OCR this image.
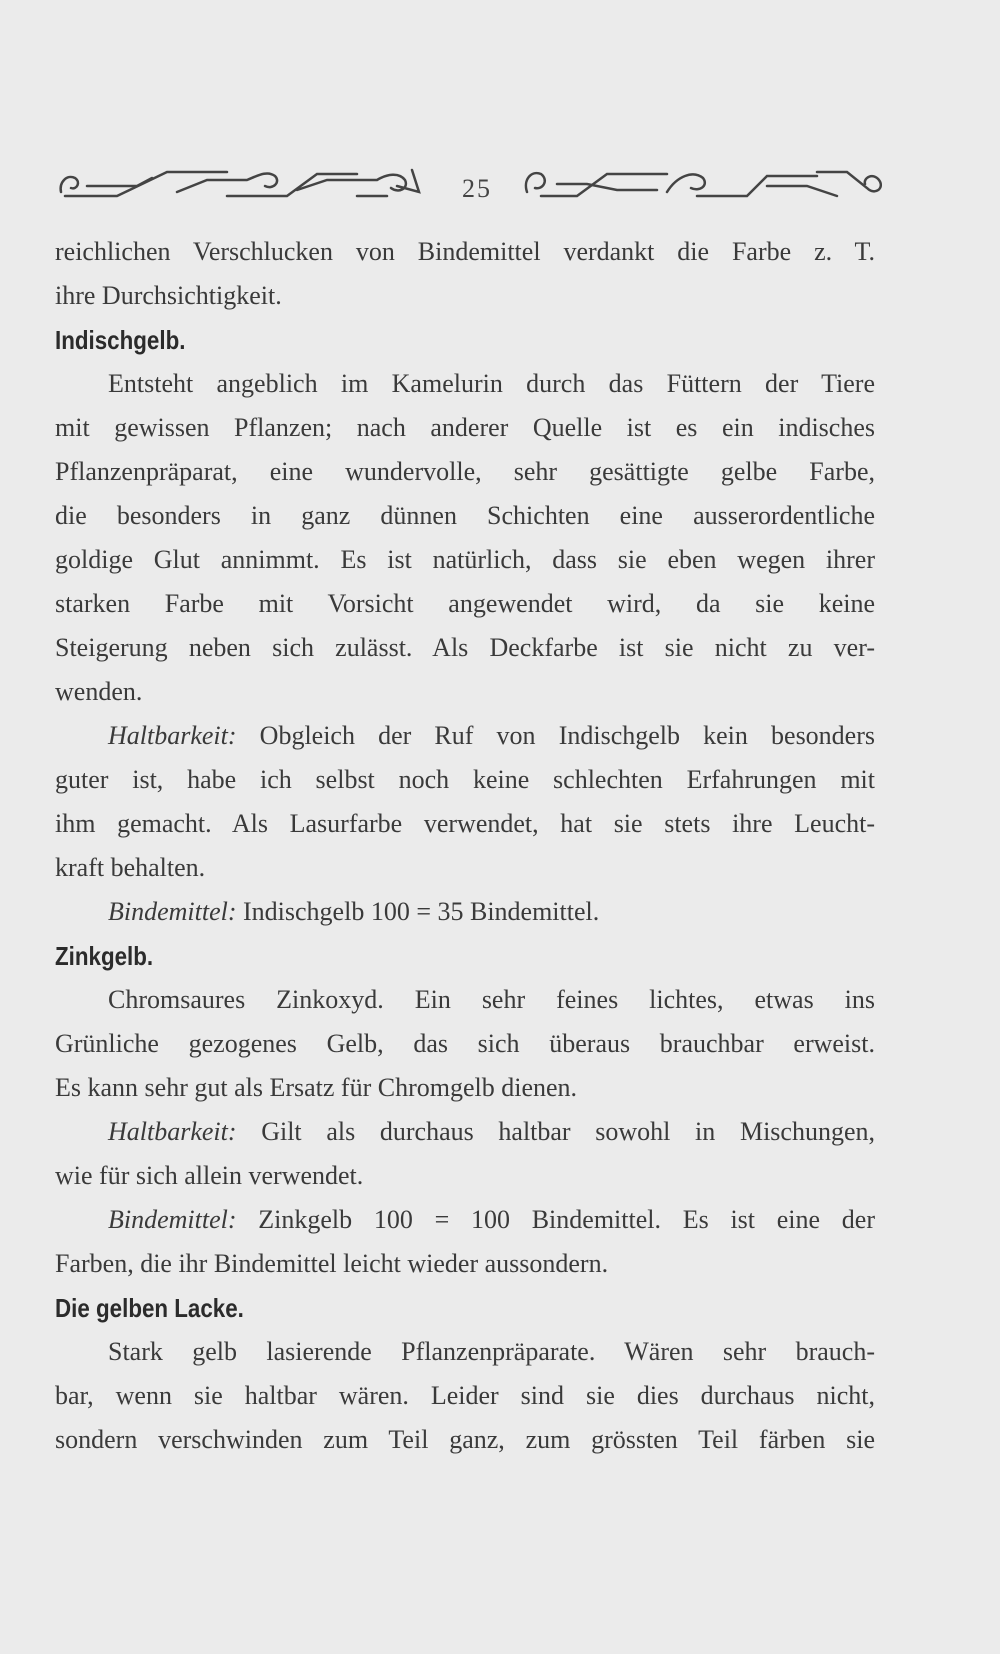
25

reichlichen Verschlucken von Bindemittel verdankt die Farbe z. T.

ihre Durchsichtigkeit.

Indischgelb.

Entsteht angeblich im Kamelurin durch das Füttern der Tiere

mit gewissen Pflanzen; nach anderer Quelle ist es ein indisches

Pflanzenpräparat, eine wundervolle, sehr gesättigte gelbe Farbe,

die besonders in ganz dünnen Schichten eine ausserordentliche

goldige Glut annimmt. Es ist natürlich, dass sie eben wegen ihrer

starken Farbe mit Vorsicht angewendet wird, da sie keine

Steigerung neben sich zulässt. Als Deckfarbe ist sie nicht zu ver-

wenden.

Haltbarkeit: Obgleich der Ruf von Indischgelb kein besonders

guter ist, habe ich selbst noch keine schlechten Erfahrungen mit

ihm gemacht. Als Lasurfarbe verwendet, hat sie stets ihre Leucht-

kraft behalten.

Bindemittel: Indischgelb 100 = 35 Bindemittel.

Zinkgelb.

Chromsaures Zinkoxyd. Ein sehr feines lichtes, etwas ins

Grünliche gezogenes Gelb, das sich überaus brauchbar erweist.

Es kann sehr gut als Ersatz für Chromgelb dienen.

Haltbarkeit: Gilt als durchaus haltbar sowohl in Mischungen,

wie für sich allein verwendet.

Bindemittel: Zinkgelb 100 = 100 Bindemittel. Es ist eine der

Farben, die ihr Bindemittel leicht wieder aussondern.

Die gelben Lacke.

Stark gelb lasierende Pflanzenpräparate. Wären sehr brauch-

bar, wenn sie haltbar wären. Leider sind sie dies durchaus nicht,

sondern verschwinden zum Teil ganz, zum grössten Teil färben sie
